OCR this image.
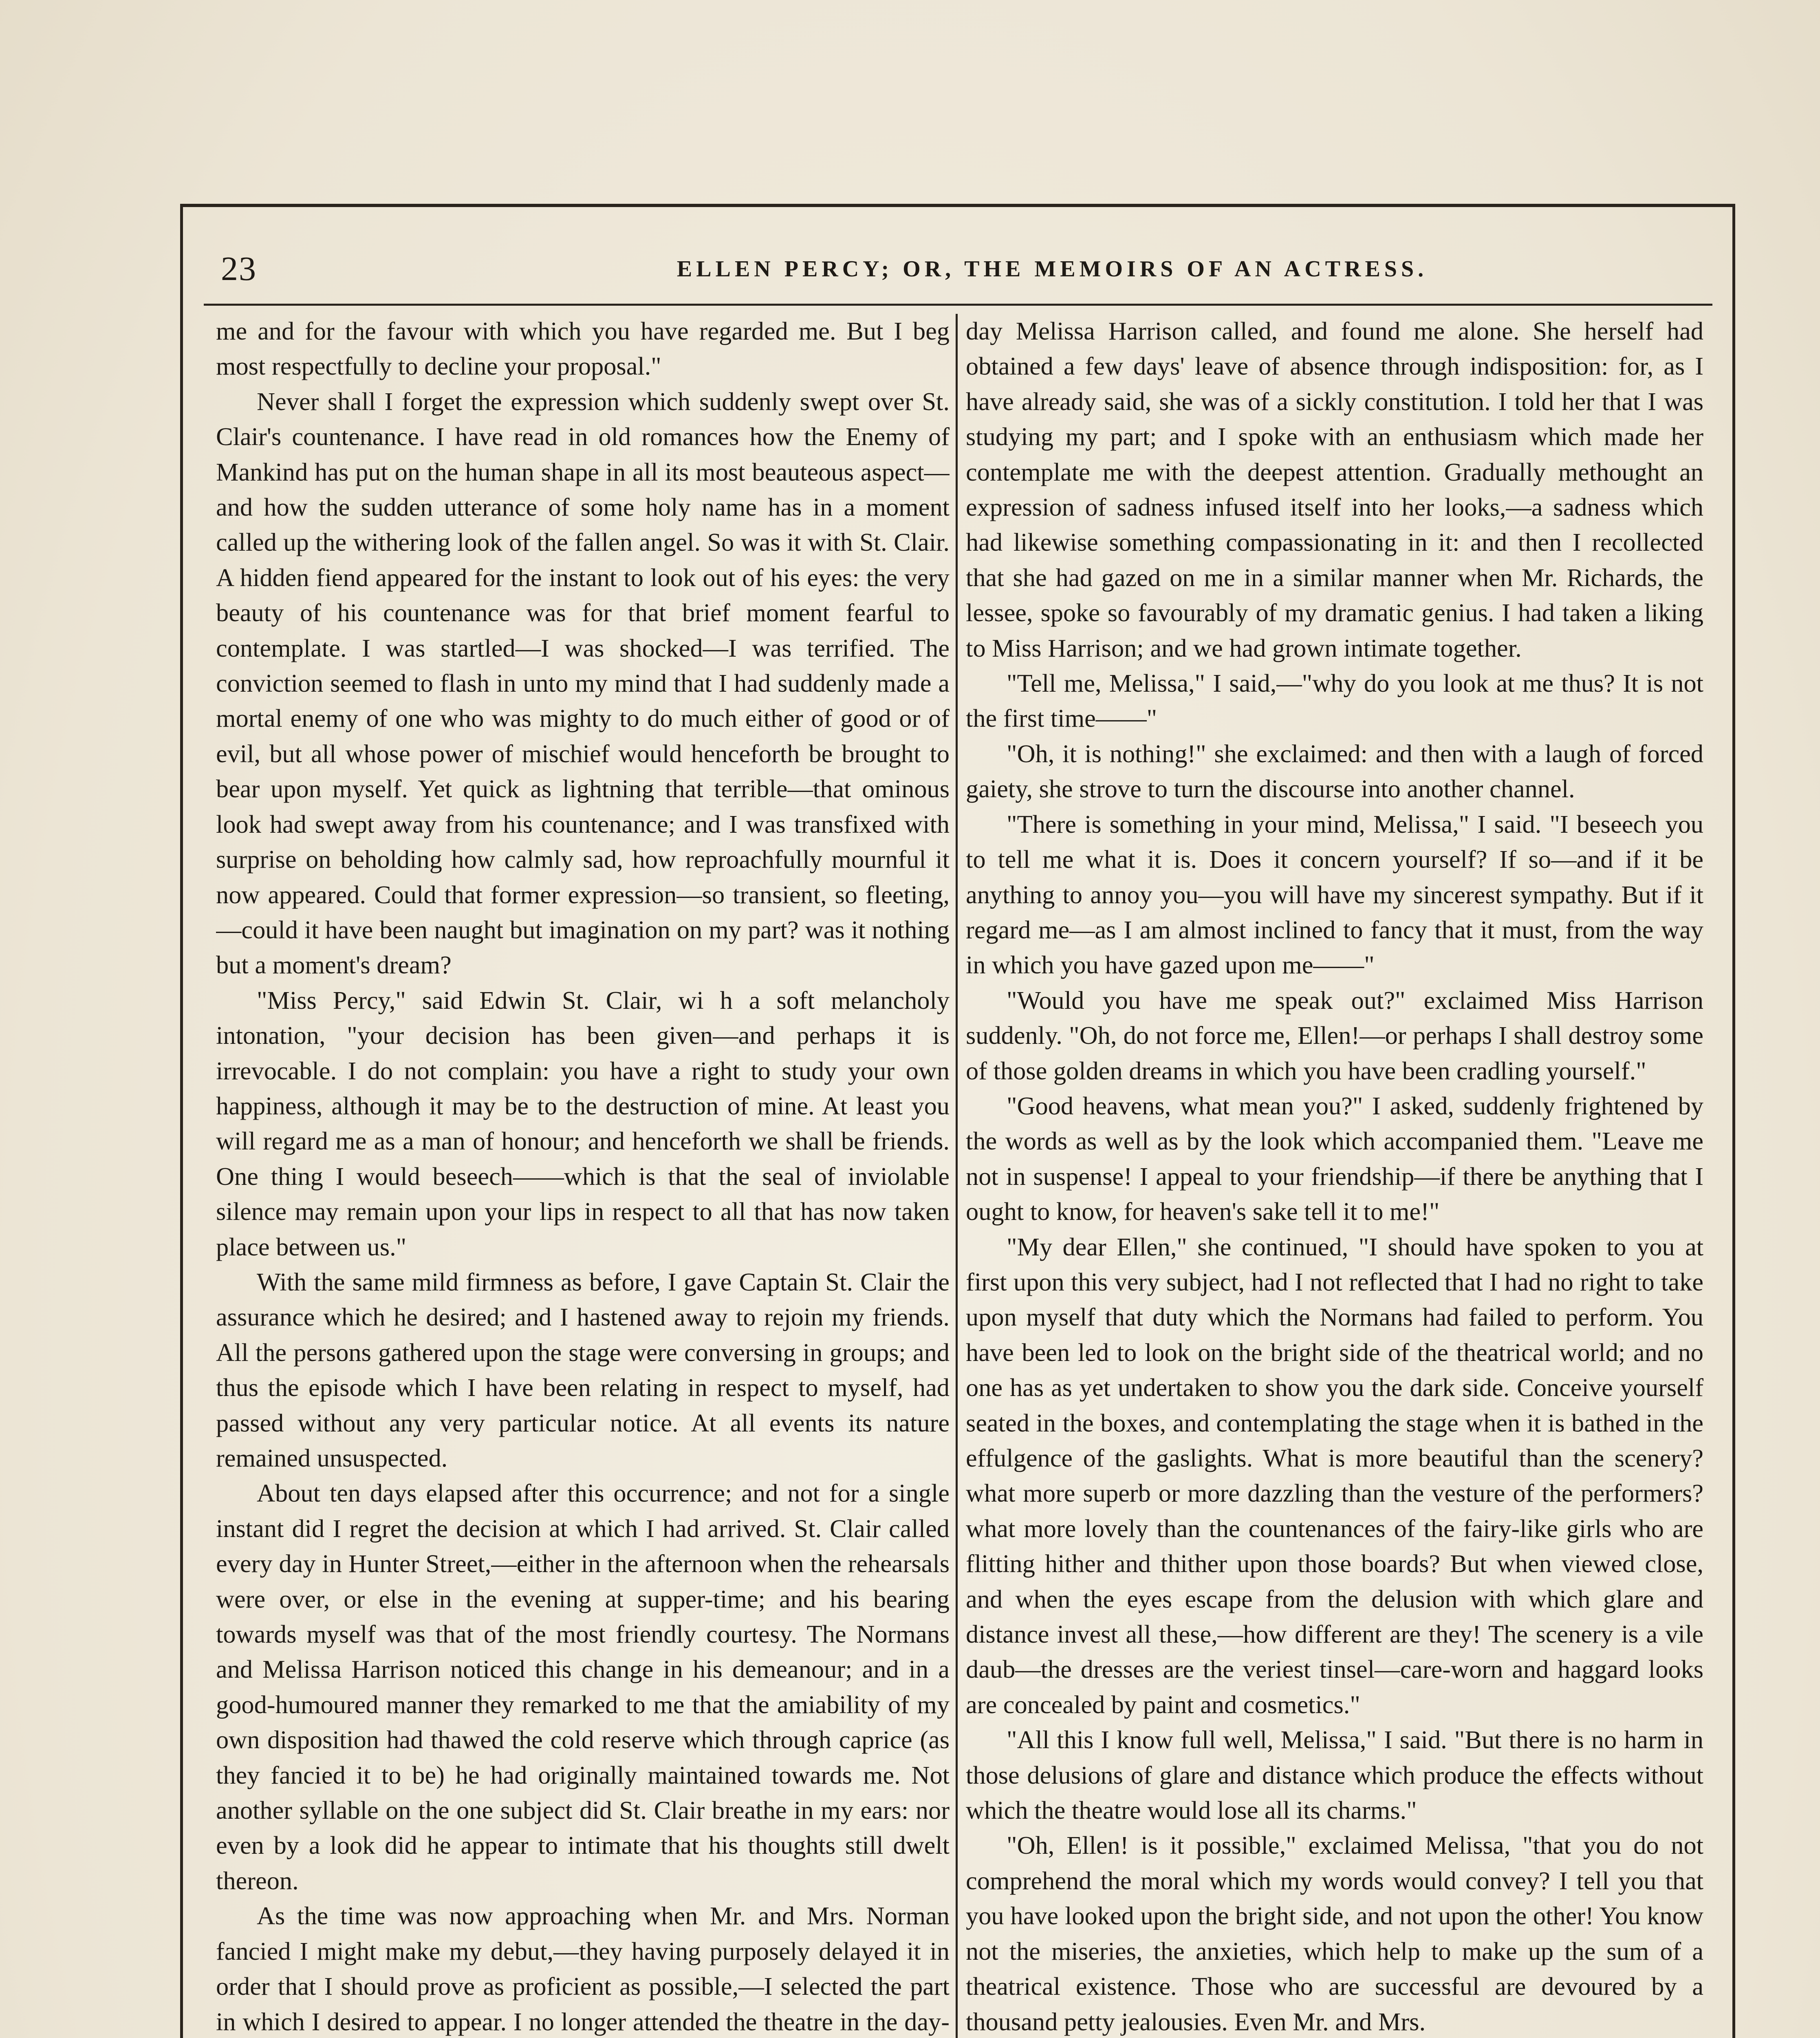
23	ELLEN PERCY; OR, THE MEMOIRS OF AN ACTRESS.

me and for the favour with which you have regarded me. But I beg most respectfully to decline your proposal."

Never shall I forget the expression which suddenly swept over St. Clair's countenance. I have read in old romances how the Enemy of Mankind has put on the human shape in all its most beauteous aspect—and how the sudden utterance of some holy name has in a moment called up the withering look of the fallen angel. So was it with St. Clair. A hidden fiend appeared for the instant to look out of his eyes: the very beauty of his countenance was for that brief moment fearful to contemplate. I was startled—I was shocked—I was terrified. The conviction seemed to flash in unto my mind that I had suddenly made a mortal enemy of one who was mighty to do much either of good or of evil, but all whose power of mischief would henceforth be brought to bear upon myself. Yet quick as lightning that terrible—that ominous look had swept away from his countenance; and I was transfixed with surprise on beholding how calmly sad, how reproachfully mournful it now appeared. Could that former expression—so transient, so fleeting,—could it have been naught but imagination on my part? was it nothing but a moment's dream?

"Miss Percy," said Edwin St. Clair, wi h a soft melancholy intonation, "your decision has been given—and perhaps it is irrevocable. I do not complain: you have a right to study your own happiness, although it may be to the destruction of mine. At least you will regard me as a man of honour; and henceforth we shall be friends. One thing I would beseech——which is that the seal of inviolable silence may remain upon your lips in respect to all that has now taken place between us."

With the same mild firmness as before, I gave Captain St. Clair the assurance which he desired; and I hastened away to rejoin my friends. All the persons gathered upon the stage were conversing in groups; and thus the episode which I have been relating in respect to myself, had passed without any very particular notice. At all events its nature remained unsuspected.

About ten days elapsed after this occurrence; and not for a single instant did I regret the decision at which I had arrived. St. Clair called every day in Hunter Street,—either in the afternoon when the rehearsals were over, or else in the evening at supper-time; and his bearing towards myself was that of the most friendly courtesy. The Normans and Melissa Harrison noticed this change in his demeanour; and in a good-humoured manner they remarked to me that the amiability of my own disposition had thawed the cold reserve which through caprice (as they fancied it to be) he had originally maintained towards me. Not another syllable on the one subject did St. Clair breathe in my ears: nor even by a look did he appear to intimate that his thoughts still dwelt thereon.

As the time was now approaching when Mr. and Mrs. Norman fancied I might make my debut,—they having purposely delayed it in order that I should prove as proficient as possible,—I selected the part in which I desired to appear. I no longer attended the theatre in the day-

day Melissa Harrison called, and found me alone. She herself had obtained a few days' leave of absence through indisposition: for, as I have already said, she was of a sickly constitution. I told her that I was studying my part; and I spoke with an enthusiasm which made her contemplate me with the deepest attention. Gradually methought an expression of sadness infused itself into her looks,—a sadness which had likewise something compassionating in it: and then I recollected that she had gazed on me in a similar manner when Mr. Richards, the lessee, spoke so favourably of my dramatic genius. I had taken a liking to Miss Harrison; and we had grown intimate together.

"Tell me, Melissa," I said,—"why do you look at me thus? It is not the first time——"

"Oh, it is nothing!" she exclaimed: and then with a laugh of forced gaiety, she strove to turn the discourse into another channel.

"There is something in your mind, Melissa," I said. "I beseech you to tell me what it is. Does it concern yourself? If so—and if it be anything to annoy you—you will have my sincerest sympathy. But if it regard me—as I am almost inclined to fancy that it must, from the way in which you have gazed upon me——"

"Would you have me speak out?" exclaimed Miss Harrison suddenly. "Oh, do not force me, Ellen!—or perhaps I shall destroy some of those golden dreams in which you have been cradling yourself."

"Good heavens, what mean you?" I asked, suddenly frightened by the words as well as by the look which accompanied them. "Leave me not in suspense! I appeal to your friendship—if there be anything that I ought to know, for heaven's sake tell it to me!"

"My dear Ellen," she continued, "I should have spoken to you at first upon this very subject, had I not reflected that I had no right to take upon myself that duty which the Normans had failed to perform. You have been led to look on the bright side of the theatrical world; and no one has as yet undertaken to show you the dark side. Conceive yourself seated in the boxes, and contemplating the stage when it is bathed in the effulgence of the gaslights. What is more beautiful than the scenery? what more superb or more dazzling than the vesture of the performers? what more lovely than the countenances of the fairy-like girls who are flitting hither and thither upon those boards? But when viewed close, and when the eyes escape from the delusion with which glare and distance invest all these,—how different are they! The scenery is a vile daub—the dresses are the veriest tinsel—care-worn and haggard looks are concealed by paint and cosmetics."

"All this I know full well, Melissa," I said. "But there is no harm in those delusions of glare and distance which produce the effects without which the theatre would lose all its charms."

"Oh, Ellen! is it possible," exclaimed Melissa, "that you do not comprehend the moral which my words would convey? I tell you that you have looked upon the bright side, and not upon the other! You know not the miseries, the anxieties, which help to make up the sum of a theatrical existence. Those who are successful are devoured by a thousand petty jealousies. Even Mr. and Mrs.
